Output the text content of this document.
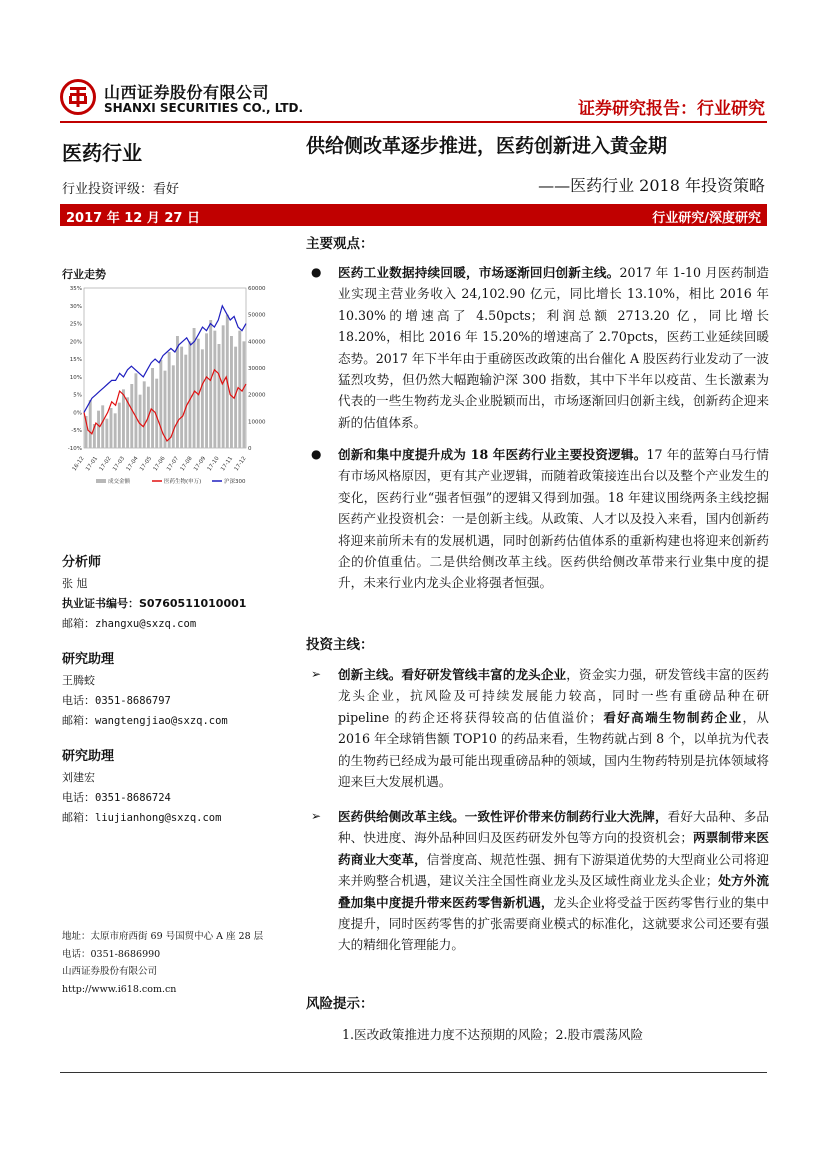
山西证券股份有限公司
SHANXI SECURITIES CO., LTD.	证券研究报告：行业研究
医药行业	供给侧改革逐步推进，医药创新进入黄金期
——医药行业 2018 年投资策略
行业投资评级：看好
2017 年 12 月 27 日	行业研究/深度研究
主要观点：
● 医药工业数据持续回暖，市场逐渐回归创新主线。2017 年 1-10 月医药制造业实现主营业务收入 24,102.90 亿元，同比增长 13.10%，相比 2016 年 10.30%的增速高了 4.50pcts；利润总额 2713.20 亿，同比增长 18.20%，相比 2016 年 15.20%的增速高了 2.70pcts，医药工业延续回暖态势。2017 年下半年由于重磅医改政策的出台催化 A 股医药行业发动了一波猛烈攻势，但仍然大幅跑输沪深 300 指数，其中下半年以疫苗、生长激素为代表的一些生物药龙头企业脱颖而出，市场逐渐回归创新主线，创新药企迎来新的估值体系。
● 创新和集中度提升成为 18 年医药行业主要投资逻辑。17 年的蓝筹白马行情有市场风格原因，更有其产业逻辑，而随着政策接连出台以及整个产业发生的变化，医药行业“强者恒强”的逻辑又得到加强。18 年建议围绕两条主线挖掘医药产业投资机会：一是创新主线。从政策、人才以及投入来看，国内创新药将迎来前所未有的发展机遇，同时创新药估值体系的重新构建也将迎来创新药企的价值重估。二是供给侧改革主线。医药供给侧改革带来行业集中度的提升，未来行业内龙头企业将强者恒强。
投资主线：
➢ 创新主线。看好研发管线丰富的龙头企业，资金实力强，研发管线丰富的医药龙头企业，抗风险及可持续发展能力较高，同时一些有重磅品种在研 pipeline 的药企还将获得较高的估值溢价；看好高端生物制药企业，从 2016 年全球销售额 TOP10 的药品来看，生物药就占到 8 个，以单抗为代表的生物药已经成为最可能出现重磅品种的领域，国内生物药特别是抗体领域将迎来巨大发展机遇。
➢ 医药供给侧改革主线。一致性评价带来仿制药行业大洗牌，看好大品种、多品种、快进度、海外品种回归及医药研发外包等方向的投资机会；两票制带来医药商业大变革，信誉度高、规范性强、拥有下游渠道优势的大型商业公司将迎来并购整合机遇，建议关注全国性商业龙头及区域性商业龙头企业；处方外流叠加集中度提升带来医药零售新机遇，龙头企业将受益于医药零售行业的集中度提升，同时医药零售的扩张需要商业模式的标准化，这就要求公司还要有强大的精细化管理能力。
风险提示：
1.医改政策推进力度不达预期的风险；2.股市震荡风险
行业走势
35%
30%
25%
20%
15%
10%
5%
0%
-5%
-10%
60000
50000
40000
30000
20000
10000
0
16-12 17-01 17-02 17-03 17-04 17-05 17-06 17-07 17-08 17-09 17-10 17-11 17-12
成交金额	医药生物(申万)	沪深300
分析师
张 旭
执业证书编号：S0760511010001
邮箱：zhangxu@sxzq.com
研究助理
王腾蛟
电话：0351-8686797
邮箱：wangtengjiao@sxzq.com
研究助理
刘建宏
电话：0351-8686724
邮箱：liujianhong@sxzq.com
地址：太原市府西街 69 号国贸中心 A 座 28 层
电话：0351-8686990
山西证券股份有限公司
http://www.i618.com.cn
